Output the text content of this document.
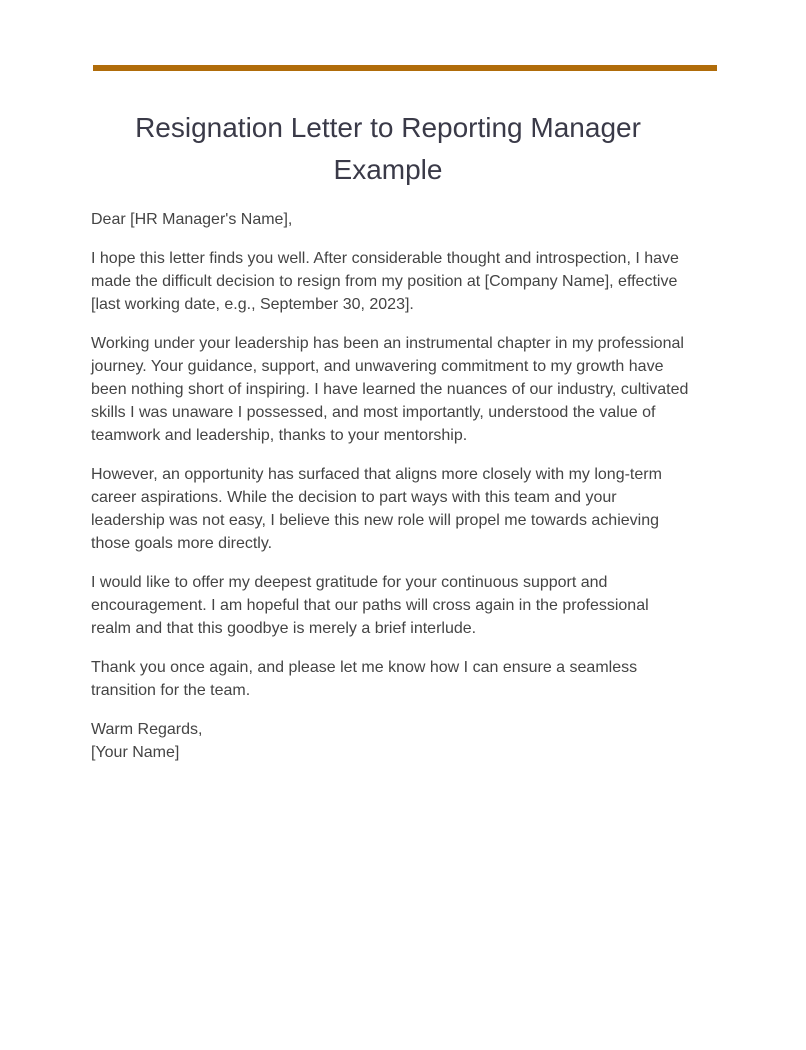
Resignation Letter to Reporting Manager Example

Dear [HR Manager's Name],

I hope this letter finds you well. After considerable thought and introspection, I have made the difficult decision to resign from my position at [Company Name], effective [last working date, e.g., September 30, 2023].

Working under your leadership has been an instrumental chapter in my professional journey. Your guidance, support, and unwavering commitment to my growth have been nothing short of inspiring. I have learned the nuances of our industry, cultivated skills I was unaware I possessed, and most importantly, understood the value of teamwork and leadership, thanks to your mentorship.

However, an opportunity has surfaced that aligns more closely with my long-term career aspirations. While the decision to part ways with this team and your leadership was not easy, I believe this new role will propel me towards achieving those goals more directly.

I would like to offer my deepest gratitude for your continuous support and encouragement. I am hopeful that our paths will cross again in the professional realm and that this goodbye is merely a brief interlude.

Thank you once again, and please let me know how I can ensure a seamless transition for the team.

Warm Regards,

[Your Name]
